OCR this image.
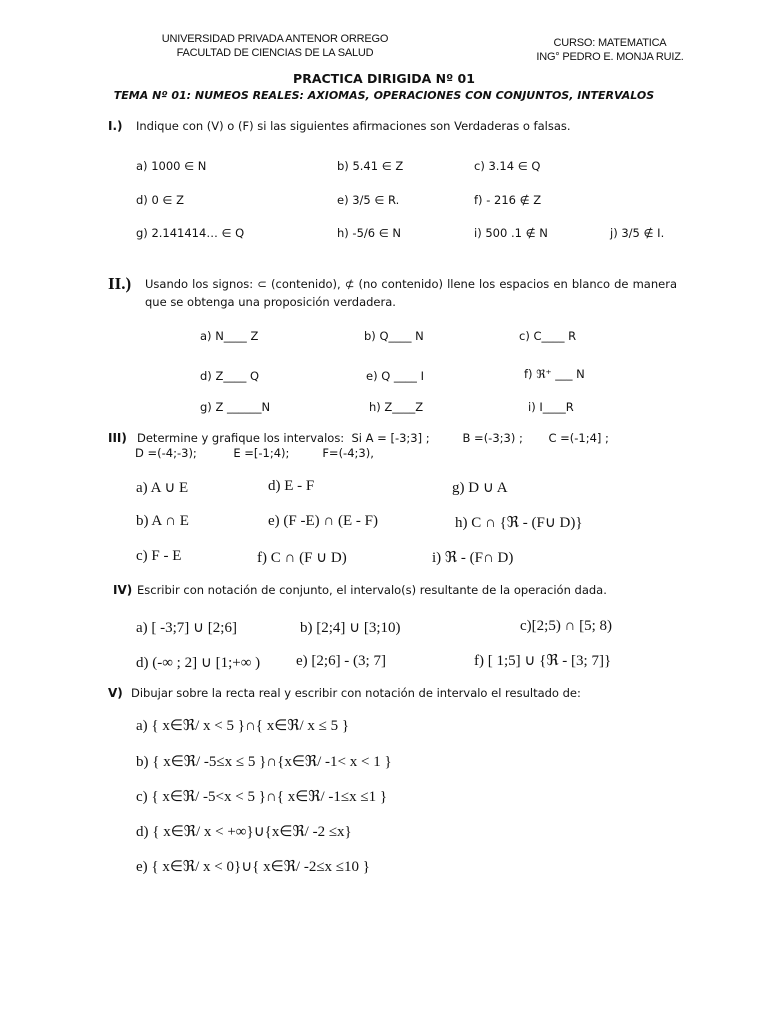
UNIVERSIDAD PRIVADA ANTENOR ORREGO
FACULTAD DE CIENCIAS DE LA SALUD
CURSO: MATEMATICA
ING° PEDRO E. MONJA RUIZ.
PRACTICA DIRIGIDA Nº 01
TEMA Nº 01: NUMEOS REALES: AXIOMAS, OPERACIONES CON CONJUNTOS, INTERVALOS
I.) Indique con (V) o (F) si las siguientes afirmaciones son Verdaderas o falsas.
a) 1000 ∈ N	b) 5.41 ∈ Z	c) 3.14 ∈ Q
d) 0 ∈ Z	e) 3/5 ∈ R.	f) - 216 ∉ Z
g) 2.141414… ∈ Q	h) -5/6 ∈ N	i) 500 .1 ∉ N	j) 3/5 ∉ I.
II.) Usando los signos: ⊂ (contenido), ⊄ (no contenido) llene los espacios en blanco de manera que se obtenga una proposición verdadera.
a) N____ Z	b) Q____ N	c) C____ R
d) Z____ Q	e) Q ____ I	f) ℜ⁺ ___ N
g) Z ______N	h) Z____Z	i) I____R
III) Determine y grafique los intervalos:  Si A = [-3;3] ;         B =(-3;3) ;       C =(-1;4] ;
D =(-4;-3);          E =[-1;4);         F=(-4;3),
a) A ∪ E	d) E - F	g) D ∪ A
b) A ∩ E	e) (F -E) ∩ (E - F)	h) C ∩ {ℜ - (F∪ D)}
c) F - E	f) C ∩ (F ∪ D)	i) ℜ - (F∩ D)
IV) Escribir con notación de conjunto, el intervalo(s) resultante de la operación dada.
a) [ -3;7] ∪ [2;6]	b) [2;4] ∪ [3;10)	c)[2;5) ∩ [5; 8)
d) (-∞ ; 2] ∪ [1;+∞ ) e) [2;6] - (3; 7]	f) [ 1;5] ∪ {ℜ - [3; 7]}
V) Dibujar sobre la recta real y escribir con notación de intervalo el resultado de:
a) { x∈ℜ/ x < 5 }∩{ x∈ℜ/ x ≤ 5 }
b) { x∈ℜ/ -5≤x ≤ 5 }∩{x∈ℜ/ -1< x < 1 }
c) { x∈ℜ/ -5<x < 5 }∩{ x∈ℜ/ -1≤x ≤1 }
d) { x∈ℜ/ x < +∞}∪{x∈ℜ/ -2 ≤x}
e) { x∈ℜ/ x < 0}∪{ x∈ℜ/ -2≤x ≤10 }
